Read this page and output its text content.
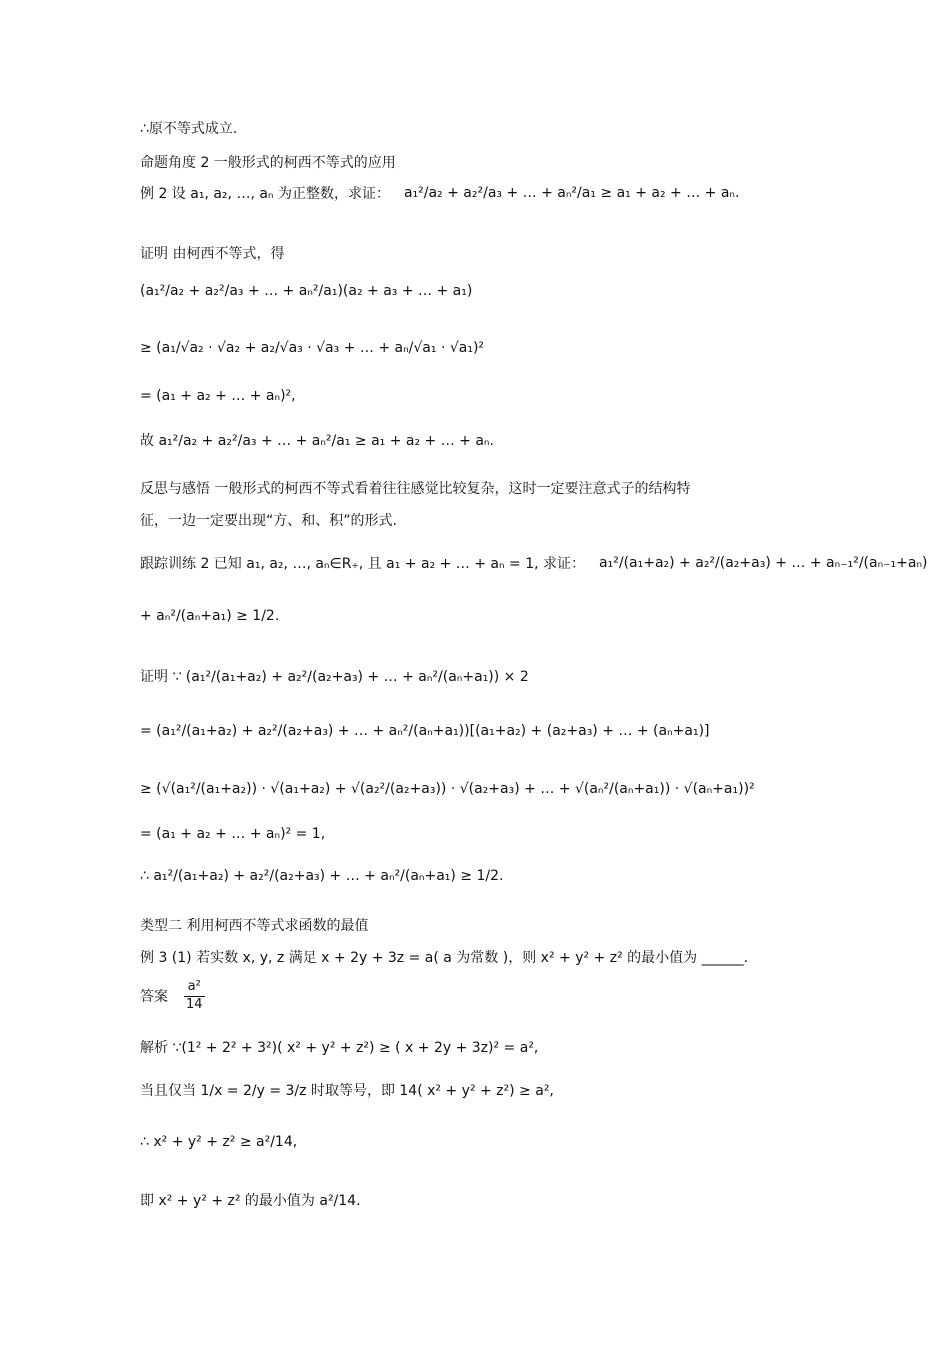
∴原不等式成立.
命题角度 2 一般形式的柯西不等式的应用
例 2 设 a₁, a₂, …, aₙ 为正整数，求证： a₁²/a₂ + a₂²/a₃ + … + aₙ²/a₁ ≥ a₁ + a₂ + … + aₙ.
证明 由柯西不等式，得
(a₁²/a₂ + a₂²/a₃ + … + aₙ²/a₁)(a₂ + a₃ + … + a₁)
≥ (a₁/√a₂ · √a₂ + a₂/√a₃ · √a₃ + … + aₙ/√a₁ · √a₁)²
= (a₁ + a₂ + … + aₙ)²,
故 a₁²/a₂ + a₂²/a₃ + … + aₙ²/a₁ ≥ a₁ + a₂ + … + aₙ.
反思与感悟 一般形式的柯西不等式看着往往感觉比较复杂，这时一定要注意式子的结构特
征，一边一定要出现“方、和、积”的形式.
跟踪训练 2 已知 a₁, a₂, …, aₙ∈R₊, 且 a₁ + a₂ + … + aₙ = 1, 求证： a₁²/(a₁+a₂) + a₂²/(a₂+a₃) + … + aₙ₋₁²/(aₙ₋₁+aₙ)
+ aₙ²/(aₙ+a₁) ≥ 1/2.
证明 ∵ (a₁²/(a₁+a₂) + a₂²/(a₂+a₃) + … + aₙ²/(aₙ+a₁)) × 2
= (a₁²/(a₁+a₂) + a₂²/(a₂+a₃) + … + aₙ²/(aₙ+a₁))[(a₁+a₂) + (a₂+a₃) + … + (aₙ+a₁)]
≥ (√(a₁²/(a₁+a₂)) · √(a₁+a₂) + √(a₂²/(a₂+a₃)) · √(a₂+a₃) + … + √(aₙ²/(aₙ+a₁)) · √(aₙ+a₁))²
= (a₁ + a₂ + … + aₙ)² = 1,
∴ a₁²/(a₁+a₂) + a₂²/(a₂+a₃) + … + aₙ²/(aₙ+a₁) ≥ 1/2.
类型二 利用柯西不等式求函数的最值
例 3 (1) 若实数 x, y, z 满足 x + 2y + 3z = a( a 为常数 )，则 x² + y² + z² 的最小值为 ______.
答案 $\frac{\text{a²}}{14}$
解析 ∵(1² + 2² + 3²)( x² + y² + z²) ≥ ( x + 2y + 3z)² = a²,
当且仅当 1/x = 2/y = 3/z 时取等号，即 14( x² + y² + z²) ≥ a²,
∴ x² + y² + z² ≥ a²/14,
即 x² + y² + z² 的最小值为 a²/14.
